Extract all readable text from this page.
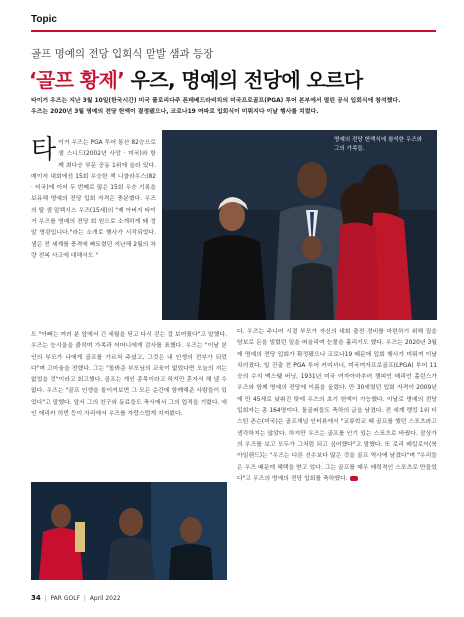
Topic
골프 명예의 전당 입회식 맏발 샘과 등장
‘골프 황제’ 우즈, 명예의 전당에 오르다
타이거 우즈는 지난 3월 10일(한국시간) 미국 플로리다주 폰테베드라비치의 미국프로골프(PGA) 투어 본부에서 열린 공식 입회식에 참석했다.
우즈는 2020년 3월 명예의 전당 헌액이 결정됐으나, 코로나19 여파로 입회식이 미뤄지다 이날 행사를 치렀다.
명예의 전당 헌액식에 참석한 우즈와 그의 가족들.

타이거 우즈는 PGA 투어 통산 82승으로 샘 스니드(2002년 사망 · 미국)와 함께 최다승 부문 공동 1위에 올라 있다. 메이저 대회에선 15회 우승한 잭 니클라우스(82 · 미국)에 이어 두 번째로 많은 15회 우승 기록을 보유해 명예의 전당 입회 자격은 충분했다. 우즈의 딸 샘 알렉시스 우즈(15세)의 "제 아버지 타이거 우즈를 명예의 전당 회 원으로 소개하게 돼 정말 영광입니다."라는 소개로 행사가 시작되었다. 샘은 전 세계를 충격에 빠트렸던 지난해 2월의 차량 전복 사고에 대해서도 "

도 "아빠는 여러 분 앞에서 긴 세월을 딛고 다시 걷는 걸 보여줬다"고 말했다. 우즈는 눈시울을 붉히며 가족과 어머니에게 감사를 표했다. 우즈는 "이날 본인의 부모가 나에게 골프를 가르쳐 주셨고, 그것은 내 인생의 전부가 되었다"며 고마움을 전했다. 그는 "돌봐준 부모님의 교육이 없었다면 오늘의 저는 없었을 것"이라고 회고했다. 골프는 개인 종목이라고 하지만 혼자서 해 낼 수 없다. 우즈는 "골프 인생을 돌이켜보면 그 모든 순간에 함께해준 사람들이 있었다"고 말했다. 앞서 그의 친구와 동료들도 축사에서 그의 업적을 기렸다. 애인 에리카 허먼 등이 자리에서 우즈를 자랑스럽게 지켜봤다.

다. 우즈는 주니어 시절 부모가 자신의 대회 출전 경비를 마련하기 위해 집을 담보로 돈을 빌렸던 일을 떠올리며 눈물을 흘리기도 했다. 우즈는 2020년 3월에 명예의 전당 입회가 확정됐으나 코로나19 때문에 입회 행사가 미뤄져 이날 치러졌다. 일 진출 전 PGA 투어 커미셔너, 미국여자프로골프(LPGA) 투어 11승의 수지 맥스웰 버닝, 1931년 미국 여자아마추어 챔피언 매리언 홀린스가 우즈와 함께 명예의 전당에 이름을 올렸다. 만 30세였던 입회 자격이 2009년에 만 45세로 낮춰진 탓에 우즈의 초기 헌액이 가능했다. 이날로 명예의 전당 입회자는 총 164명이다. 돌골퍼들도 축하의 글을 남겼다. 전 세계 랭킹 1위 더스틴 존슨(미국)은 골프채널 인터뷰에서 "교류학교 때 골프를 했던 스포츠라고 생각하지는 않았다. 하지만 우즈는 골프를 인기 있는 스포츠로 바꿨다. 잠상가의 우즈를 보고 모두가 그처럼 되고 싶어했다"고 말했다. 또 로리 매킬로이(북아일랜드)는 "우즈는 다른 선수보다 많은 것을 골프 역사에 남겼다"며 "우리들은 우즈 때문에 혜택을 받고 있다. 그는 골프를 매우 매력적인 스포츠로 만들었다"고 우즈의 명예의 전당 입회를 축하했다.

34  |  PAR GOLF  |  April 2022
